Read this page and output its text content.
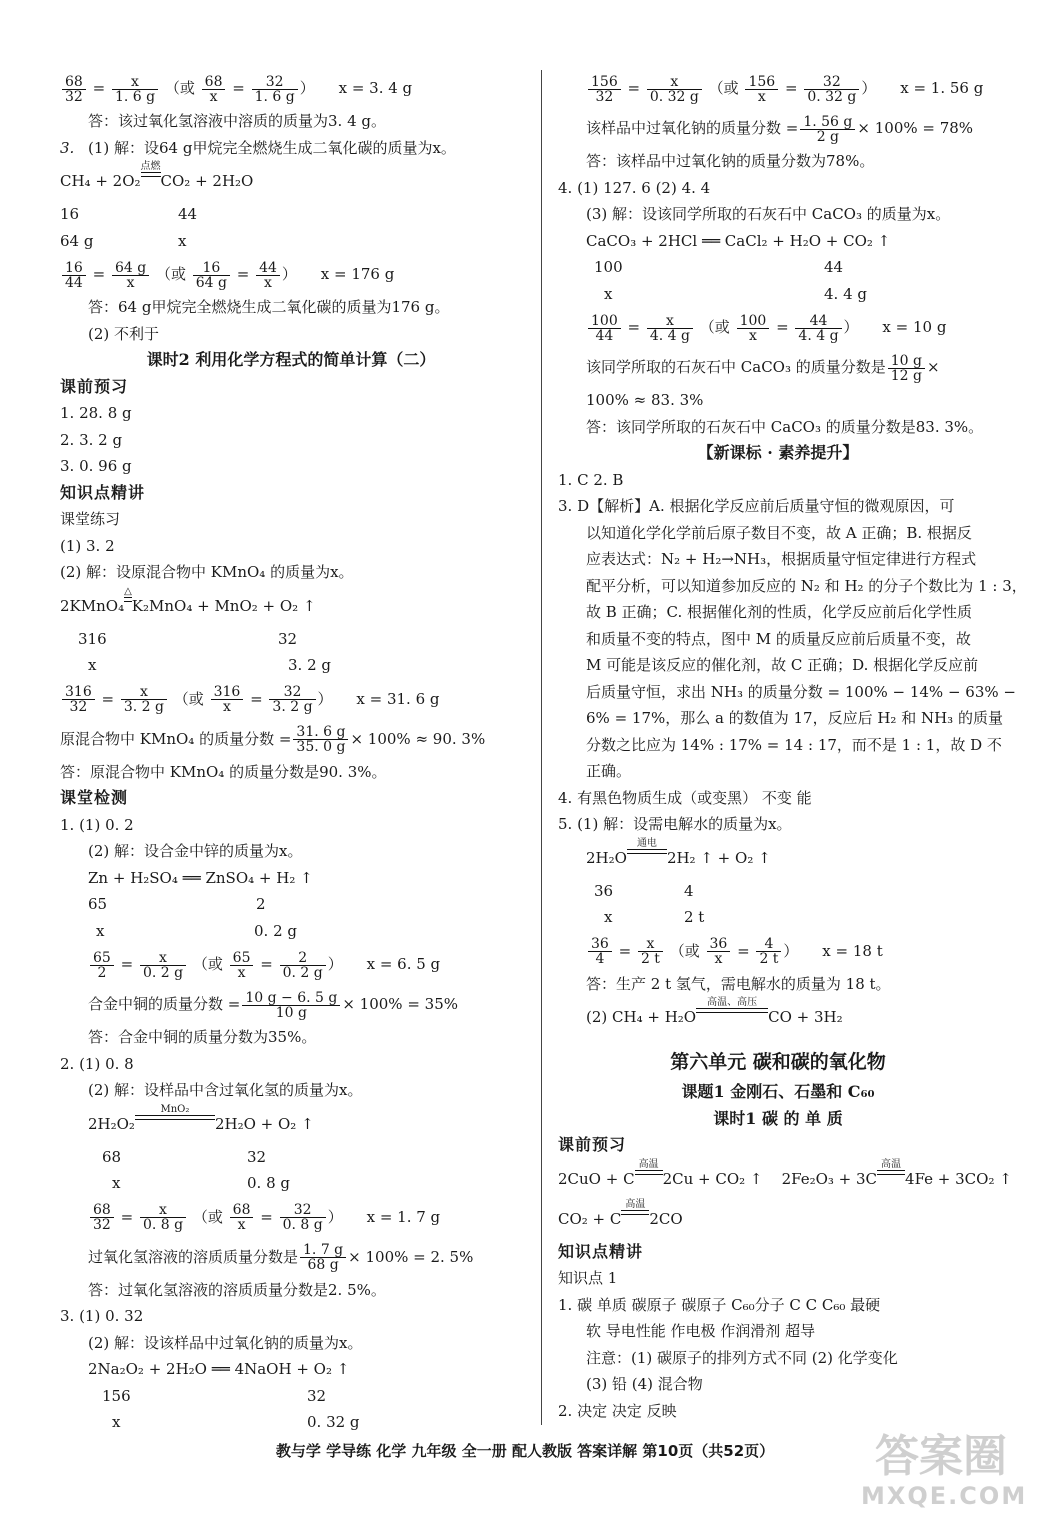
$\frac{68}{32} = \frac{x}{1. 6 g}$ （或 $\frac{68}{x} = \frac{32}{1. 6 g}$ ） x = 3. 4 g
答：该过氧化氢溶液中溶质的质量为3. 4 g。
3. (1) 解：设64 g甲烷完全燃烧生成二氧化碳的质量为x。
CH₄ + 2O₂
点燃
CO₂ + 2H₂O
16	44
64 g	x
$\frac{16}{44} = \frac{64 g}{x}$ （或 $\frac{16}{64 g} = \frac{44}{x}$ ） x = 176 g
答：64 g甲烷完全燃烧生成二氧化碳的质量为176 g。
(2) 不利于
课时2 利用化学方程式的简单计算（二）
课前预习
1. 28. 8 g
2. 3. 2 g
3. 0. 96 g
知识点精讲
课堂练习
(1) 3. 2
(2) 解：设原混合物中 KMnO₄ 的质量为x。
2KMnO₄
△
K₂MnO₄ + MnO₂ + O₂ ↑
316	32
x	3. 2 g
$\frac{316}{32} = \frac{x}{3. 2 g}$ （或 $\frac{316}{x} = \frac{32}{3. 2 g}$ ） x = 31. 6 g
原混合物中 KMnO₄ 的质量分数 = $\frac{31. 6 g}{35. 0 g} \times 100\% \approx 90$. 3%
答：原混合物中 KMnO₄ 的质量分数是90. 3%。
课堂检测
1. (1) 0. 2
(2) 解：设合金中锌的质量为x。
Zn + H₂SO₄ ══ ZnSO₄ + H₂ ↑
65	2
x	0. 2 g
$\frac{65}{2} = \frac{x}{0. 2 g}$ （或 $\frac{65}{x} = \frac{2}{0. 2 g}$ ） x = 6. 5 g
合金中铜的质量分数 = $\frac{10 g - 6. 5 g}{10 g} \times 100\% = 35\%$
答：合金中铜的质量分数为35%。
2. (1) 0. 8
(2) 解：设样品中含过氧化氢的质量为x。
2H₂O₂
MnO₂
2H₂O + O₂ ↑
68	32
x	0. 8 g
$\frac{68}{32} = \frac{x}{0. 8 g}$ （或 $\frac{68}{x} = \frac{32}{0. 8 g}$ ） x = 1. 7 g
过氧化氢溶液的溶质质量分数是 $\frac{1. 7 g}{68 g} \times 100\% = 2$. 5%
答：过氧化氢溶液的溶质质量分数是2. 5%。
3. (1) 0. 32
(2) 解：设该样品中过氧化钠的质量为x。
2Na₂O₂ + 2H₂O ══ 4NaOH + O₂ ↑
156	32
x	0. 32 g
$\frac{156}{32} = \frac{x}{0. 32 g}$ （或 $\frac{156}{x} = \frac{32}{0. 32 g}$ ） x = 1. 56 g
该样品中过氧化钠的质量分数 = $\frac{1. 56 g}{2 g} \times 100\% = 78\%$
答：该样品中过氧化钠的质量分数为78%。
4. (1) 127. 6 (2) 4. 4
(3) 解：设该同学所取的石灰石中 CaCO₃ 的质量为x。
CaCO₃ + 2HCl ══ CaCl₂ + H₂O + CO₂ ↑
100	44
x	4. 4 g
$\frac{100}{44} = \frac{x}{4. 4 g}$ （或 $\frac{100}{x} = \frac{44}{4. 4 g}$ ） x = 10 g
该同学所取的石灰石中 CaCO₃ 的质量分数是 $\frac{10 g}{12 g}$ ×
100% ≈ 83. 3%
答：该同学所取的石灰石中 CaCO₃ 的质量分数是83. 3%。
【新课标 · 素养提升】
1. C 2. B
3. D【解析】A. 根据化学反应前后质量守恒的微观原因，可
以知道化学化学前后原子数目不变，故 A 正确；B. 根据反
应表达式：N₂ + H₂→NH₃，根据质量守恒定律进行方程式
配平分析，可以知道参加反应的 N₂ 和 H₂ 的分子个数比为 1 : 3，
故 B 正确；C. 根据催化剂的性质，化学反应前后化学性质
和质量不变的特点，图中 M 的质量反应前后质量不变，故
M 可能是该反应的催化剂，故 C 正确；D. 根据化学反应前
后质量守恒，求出 NH₃ 的质量分数 = 100% − 14% − 63% −
6% = 17%，那么 a 的数值为 17，反应后 H₂ 和 NH₃ 的质量
分数之比应为 14% : 17% = 14 : 17，而不是 1 : 1，故 D 不
正确。
4. 有黑色物质生成（或变黑） 不变 能
5. (1) 解：设需电解水的质量为x。
2H₂O
通电
2H₂ ↑ + O₂ ↑
36	4
x	2 t
$\frac{36}{4} = \frac{x}{2 t}$ （或 $\frac{36}{x} = \frac{4}{2 t}$ ） x = 18 t
答：生产 2 t 氢气，需电解水的质量为 18 t。
(2) CH₄ + H₂O
高温、高压
CO + 3H₂
第六单元 碳和碳的氧化物
课题1 金刚石、石墨和 C₆₀
课时1 碳 的 单 质
课前预习
2CuO + C
高温
2Cu + CO₂ ↑ 2Fe₂O₃ + 3C
高温
4Fe + 3CO₂ ↑
CO₂ + C
高温
2CO
知识点精讲
知识点 1
1. 碳 单质 碳原子 碳原子 C₆₀分子 C C C₆₀ 最硬
软 导电性能 作电极 作润滑剂 超导
注意：(1) 碳原子的排列方式不同 (2) 化学变化
(3) 铅 (4) 混合物
2. 决定 决定 反映
教与学 学导练 化学 九年级 全一册 配人教版 答案详解 第10页（共52页）	答案圈
MXQE.COM
